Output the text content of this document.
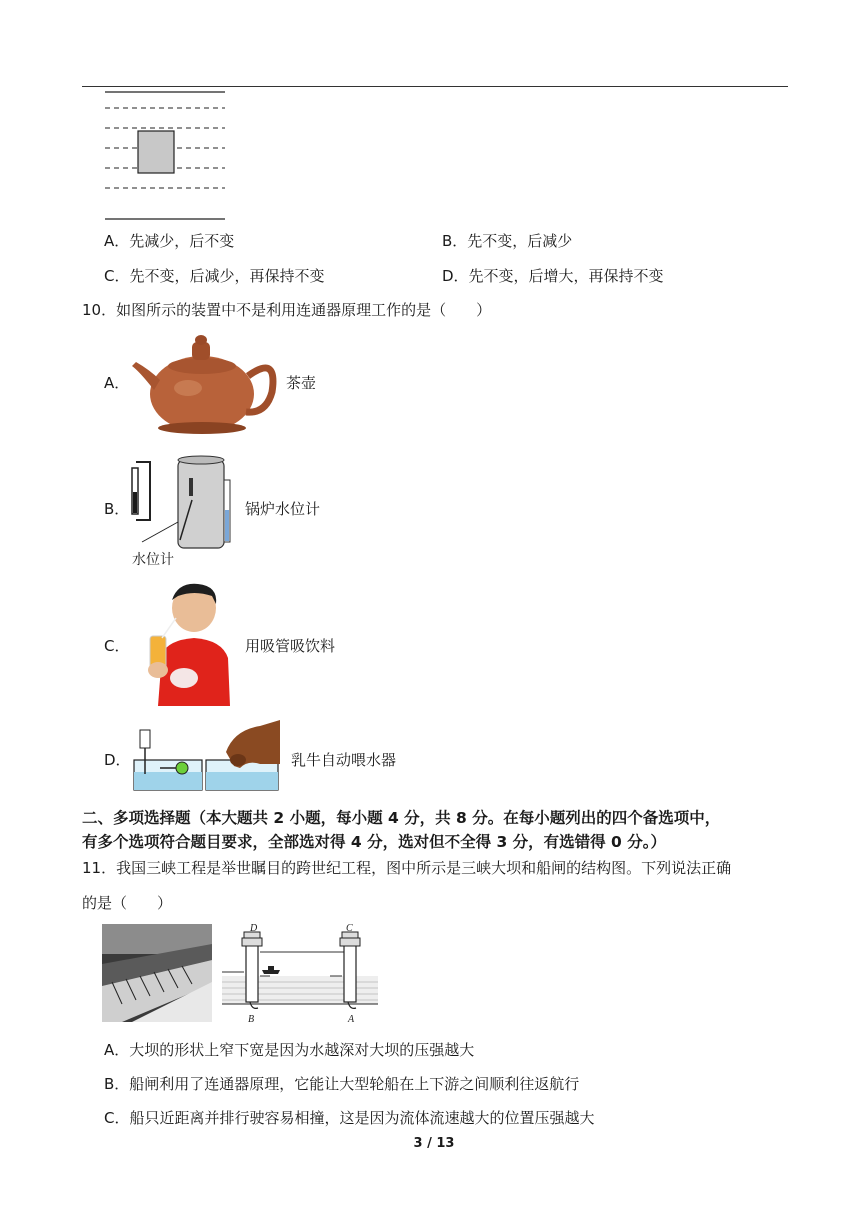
A．先减少，后不变	B．先不变，后减少
C．先不变，后减少，再保持不变	D．先不变，后增大，再保持不变
10．如图所示的装置中不是利用连通器原理工作的是（　　）
A．	茶壶
B．
水位计
锅炉水位计
C．	用吸管吸饮料
D．	乳牛自动喂水器
二、多项选择题（本大题共 2 小题，每小题 4 分，共 8 分。在每小题列出的四个备选项中，
有多个选项符合题目要求，全部选对得 4 分，选对但不全得 3 分，有选错得 0 分。）
11．我国三峡工程是举世瞩目的跨世纪工程，图中所示是三峡大坝和船闸的结构图。下列说法正确
的是（　　）
D	C
B	A
A．大坝的形状上窄下宽是因为水越深对大坝的压强越大
B．船闸利用了连通器原理，它能让大型轮船在上下游之间顺利往返航行
C．船只近距离并排行驶容易相撞，这是因为流体流速越大的位置压强越大
3 / 13
